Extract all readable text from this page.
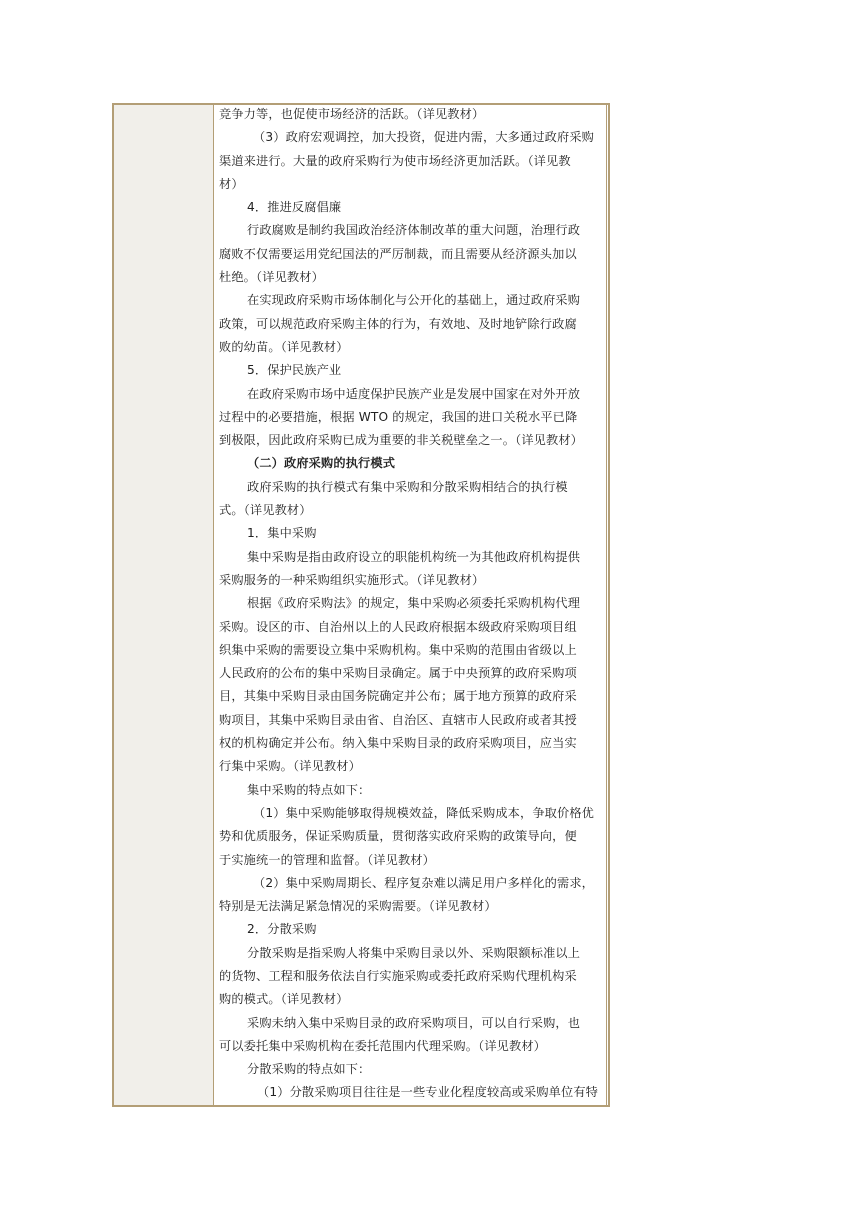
竞争力等，也促使市场经济的活跃。（详见教材）

（3）政府宏观调控，加大投资，促进内需，大多通过政府采购

渠道来进行。大量的政府采购行为使市场经济更加活跃。（详见教

材）

4．推进反腐倡廉

行政腐败是制约我国政治经济体制改革的重大问题，治理行政

腐败不仅需要运用党纪国法的严厉制裁，而且需要从经济源头加以

杜绝。（详见教材）

在实现政府采购市场体制化与公开化的基础上，通过政府采购

政策，可以规范政府采购主体的行为，有效地、及时地铲除行政腐

败的幼苗。（详见教材）

5．保护民族产业

在政府采购市场中适度保护民族产业是发展中国家在对外开放

过程中的必要措施，根据 WTO 的规定，我国的进口关税水平已降

到极限，因此政府采购已成为重要的非关税壁垒之一。（详见教材）

（二）政府采购的执行模式

政府采购的执行模式有集中采购和分散采购相结合的执行模

式。（详见教材）

1．集中采购

集中采购是指由政府设立的职能机构统一为其他政府机构提供

采购服务的一种采购组织实施形式。（详见教材）

根据《政府采购法》的规定，集中采购必须委托采购机构代理

采购。设区的市、自治州以上的人民政府根据本级政府采购项目组

织集中采购的需要设立集中采购机构。集中采购的范围由省级以上

人民政府的公布的集中采购目录确定。属于中央预算的政府采购项

目，其集中采购目录由国务院确定并公布；属于地方预算的政府采

购项目，其集中采购目录由省、自治区、直辖市人民政府或者其授

权的机构确定并公布。纳入集中采购目录的政府采购项目，应当实

行集中采购。（详见教材）

集中采购的特点如下：

（1）集中采购能够取得规模效益，降低采购成本，争取价格优

势和优质服务，保证采购质量，贯彻落实政府采购的政策导向，便

于实施统一的管理和监督。（详见教材）

（2）集中采购周期长、程序复杂难以满足用户多样化的需求，

特别是无法满足紧急情况的采购需要。（详见教材）

2．分散采购

分散采购是指采购人将集中采购目录以外、采购限额标准以上

的货物、工程和服务依法自行实施采购或委托政府采购代理机构采

购的模式。（详见教材）

采购未纳入集中采购目录的政府采购项目，可以自行采购，也

可以委托集中采购机构在委托范围内代理采购。（详见教材）

分散采购的特点如下：

（1）分散采购项目往往是一些专业化程度较高或采购单位有特
